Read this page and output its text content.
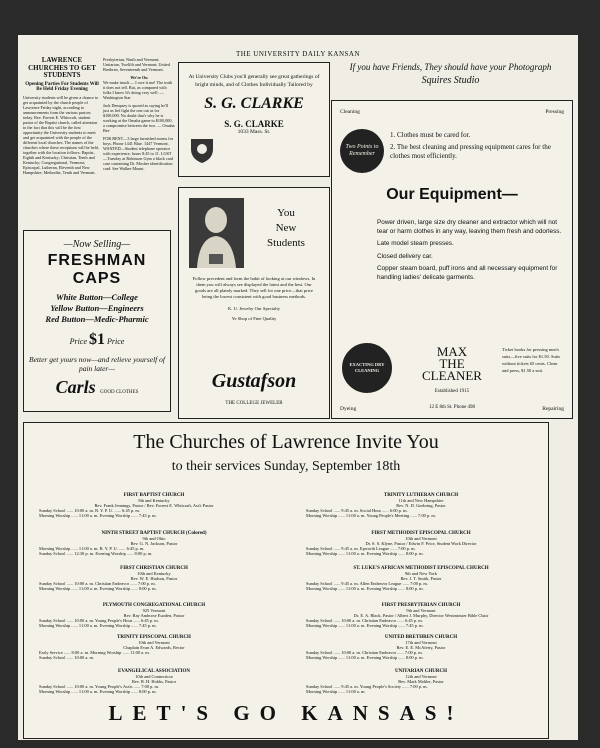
THE UNIVERSITY DAILY KANSAN
LAWRENCE CHURCHES TO GET STUDENTS
Opening Parties For Students Will Be Held Friday Evening
University students will be given a chance to get acquainted by the church people of Lawrence Friday night, according to announcements from the various pastors today. Rev. Forrest E. Whitcraft, student pastor of the Baptist church, called attention to the fact that this will be the first opportunity the University students to meet and get acquainted with the people of the different local churches. The names of the churches where these receptions will be held, together with the location follows: Baptist, Eighth and Kentucky; Christian, Tenth and Kentucky; Congregational, Vermont; Episcopal, Lutheran, Eleventh and New Hampshire; Methodist, Tenth and Vermont.
Presbyterian, Ninth and Vermont; Unitarian, Twelfth and Vermont; United Brethren, Seventeenth and Vermont.
We're On
We make insult — I owe it me! The truth it does not tell. But, as compared with folks I know It's doing very well. — Washington Star
Jack Dempsey is quoted as saying he'll just as lief fight the one out as for $100,000. No doubt that's why he is working at the Omaha game to $100,000, a compromise between the two. — Omaha Bee
FOR RENT—3 large furnished rooms for boys. Phone 1441 Blue. 1447 Vermont. WANTED—Student telephone operator with experience, hours 8:45 to 11. LOST—Tuesday at Robinson Gym a black card case containing Dr. Mosher identification card. See Walker Mount.
—Now Selling—
FRESHMAN CAPS
White Button—College
Yellow Button—Engineers
Red Button—Medic-Pharmic
Price $1 Price
Better get yours now—and relieve yourself of pain later—
Carls GOOD CLOTHES
At University Clubs you'll generally see great gatherings of bright minds, and of Clothes Individually Tailored by
S. G. CLARKE
S. G. CLARKE
1033 Mass. St.
You
New
Students
Follow precedent and form the habit of looking at our windows. In them you will always see displayed the latest and the best. Our goods are all plainly marked. They sell for one price—that price being the lowest consistent with good business methods.
K. U. Jewelry Our Specialty
Ye Shop of Fine Quality
Gustafson
THE COLLEGE JEWELER
If you have Friends, They should have your Photograph
Squires Studio
Cleaning	Pressing
Two Points to Remember
1. Clothes must be cared for.
2. The best cleaning and pressing equipment cares for the clothes most efficiently.
Our Equipment—

Power driven, large size dry cleaner and extractor which will not tear or harm clothes in any way, leaving them fresh and odorless.

Late model steam presses.

Closed delivery car.

Copper steam board, puff irons and all necessary equipment for handling ladies' delicate garments.

EXACTING DRY CLEANING
MAX
THE
CLEANER
Established 1915
12 E 8th St. Phone 498
Ticket books for pressing men's suits—five suits for $1.50. Suits without tickets 65 cents. Clean and press, $1.50 a suit.
Dyeing	Repairing
The Churches of Lawrence Invite You
to their services Sunday, September 18th
FIRST BAPTIST CHURCH
8th and Kentucky
Rev. Frank Jennings, Pastor / Rev. Forrest E. Whitcraft, Ass't Pastor
Sunday School ...... 10:00 a. m. B. Y. P. U. ...... 6:45 p. m.
Morning Worship ...... 11:00 a. m. Evening Worship ...... 7:45 p. m.
NINTH STREET BAPTIST CHURCH (Colored)
9th and Ohio
Rev. G. N. Jackson, Pastor
Morning Worship ...... 11:00 a. m. B. Y. P. U. ...... 6:45 p. m.
Sunday School ...... 12:30 p. m. Evening Worship ...... 8:00 p. m.
FIRST CHRISTIAN CHURCH
10th and Kentucky
Rev. W. E. Hudson, Pastor
Sunday School ...... 10:00 a. m. Christian Endeavor ...... 7:00 p. m.
Morning Worship ...... 11:00 a. m. Evening Worship ...... 8:00 p. m.
PLYMOUTH CONGREGATIONAL CHURCH
925 Vermont
Rev. Ray Ambrose Euoden, Pastor
Sunday School ...... 10:00 a. m. Young People's Hour ...... 6:45 p. m.
Morning Worship ...... 11:00 a. m. Evening Worship ...... 7:45 p. m.
TRINITY EPISCOPAL CHURCH
10th and Vermont
Chaplain Evan A. Edwards, Rector
Early Service ...... 8:00 a. m. Morning Worship ...... 11:00 a. m.
Sunday School ...... 10:00 a. m.
EVANGELICAL ASSOCIATION
10th and Connecticut
Rev. B. H. Hobbs, Pastor
Sunday School ...... 10:00 a. m. Young People's Ass'n ...... 7:00 p. m.
Morning Worship ...... 11:00 a. m. Evening Worship ...... 8:00 p. m.
TRINITY LUTHERAN CHURCH
11th and New Hampshire
Rev. N. D. Goehring, Pastor
Sunday School ...... 9:45 a. m. Social Hour ...... 6:00 p. m.
Morning Worship ...... 11:00 a. m. Young People's Meeting ...... 7:00 p. m.
FIRST METHODIST EPISCOPAL CHURCH
10th and Vermont
Dr. S. S. Klyne, Pastor / Edwin F. Price, Student Work Director
Sunday School ...... 9:45 a. m. Epworth League ...... 7:00 p. m.
Morning Worship ...... 11:00 a. m. Evening Worship ...... 8:00 p. m.
ST. LUKE'S AFRICAN METHODIST EPISCOPAL CHURCH
9th and New York
Rev. J. T. Smith, Pastor
Sunday School ...... 9:45 a. m. Allen Endeavor League ...... 7:00 p. m.
Morning Worship ...... 11:00 a. m. Evening Worship ...... 8:00 p. m.
FIRST PRESBYTERIAN CHURCH
9th and Vermont
Dr. E. A. Black, Pastor / Albert J. Murphy, Director Westminster Bible Chair
Sunday School ...... 10:00 a. m. Christian Endeavor ...... 6:45 p. m.
Morning Worship ...... 11:00 a. m. Evening Worship ...... 7:45 p. m.
UNITED BRETHREN CHURCH
17th and Vermont
Rev. E. E. McAferty, Pastor
Sunday School ...... 10:00 a. m. Christian Endeavor ...... 7:00 p. m.
Morning Worship ...... 11:00 a. m. Evening Worship ...... 8:00 p. m.
UNITARIAN CHURCH
12th and Vermont
Rev. Mark Mohler, Pastor
Sunday School ...... 9:45 a. m. Young People's Society ...... 7:00 p. m.
Morning Worship ...... 11:00 a. m.
LET'S GO KANSAS!
